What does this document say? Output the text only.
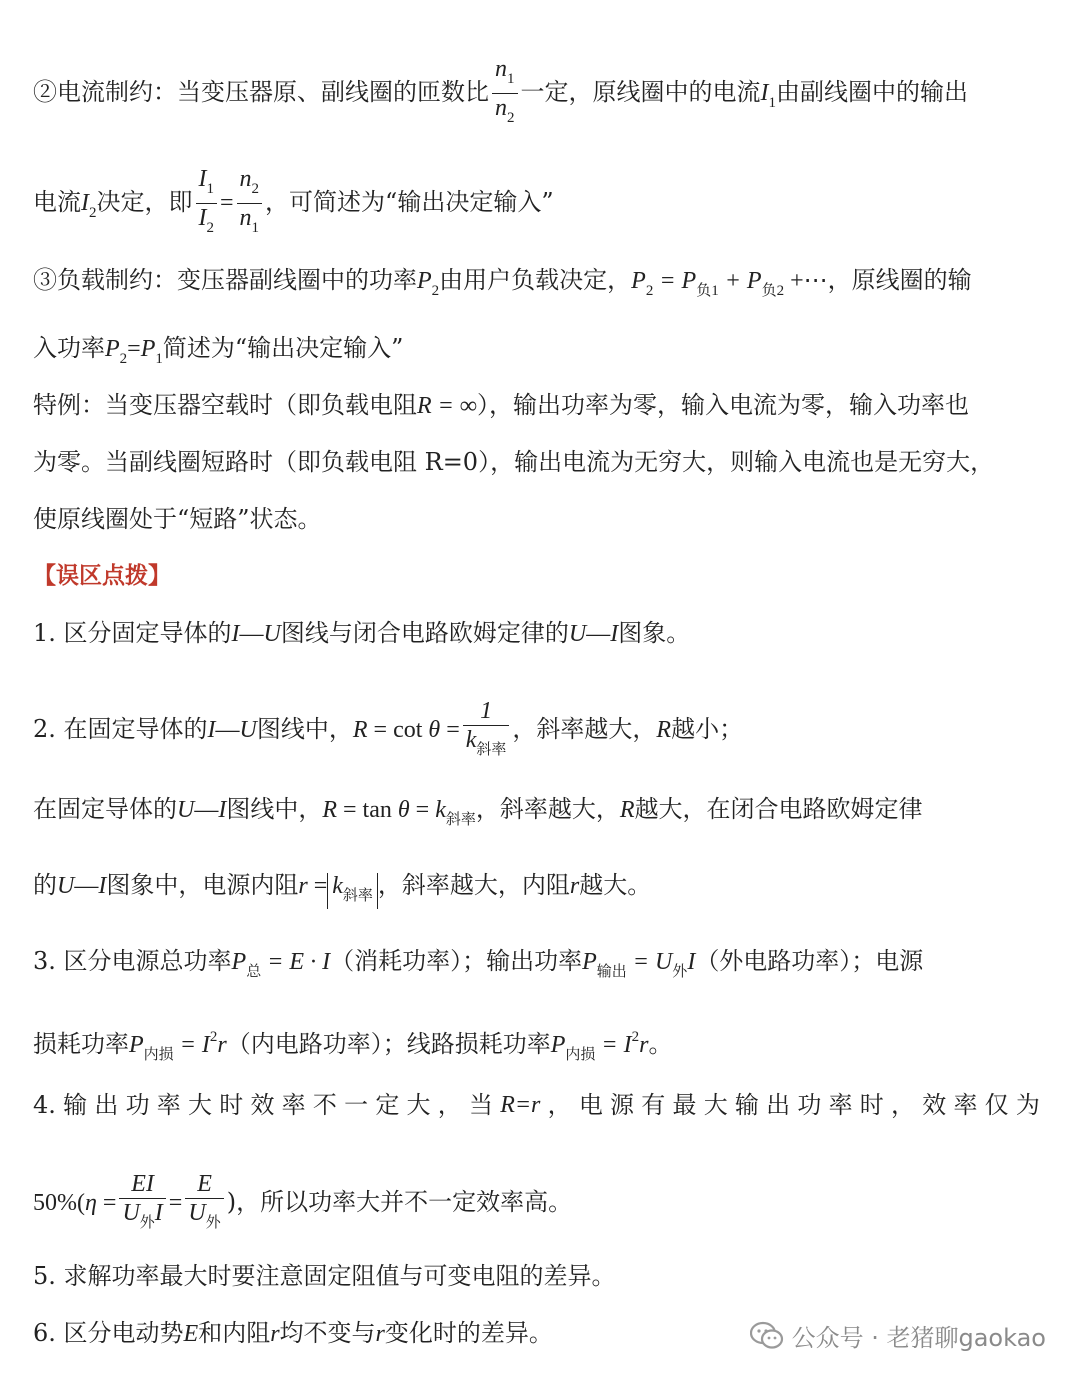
②电流制约：当变压器原、副线圈的匝数比 $\frac{n_1}{n_2}$ 一定，原线圈中的电流$I_1$由副线圈中的输出
电流$I_2$决定，即 $\frac{I_1}{I_2} = \frac{n_2}{n_1}$ ，可简述为“输出决定输入”
③负载制约：变压器副线圈中的功率$P_2$由用户负载决定，$P_2 = P_{负1} + P_{负2}$ +⋯，原线圈的输
入功率$P_2=P_1$简述为“输出决定输入”
特例：当变压器空载时（即负载电阻R = ∞），输出功率为零，输入电流为零，输入功率也
为零。当副线圈短路时（即负载电阻 R=0），输出电流为无穷大，则输入电流也是无穷大，
使原线圈处于“短路”状态。
【误区点拨】
1. 区分固定导体的I—U图线与闭合电路欧姆定律的U—I图象。
2. 在固定导体的I—U图线中，$R = \cot \theta = \frac{1}{k_{斜率}}$ ，斜率越大，R越小；
在固定导体的U—I图线中，$R = \tan \theta = k_{斜率}$，斜率越大，R越大，在闭合电路欧姆定律
的U—I图象中，电源内阻$r = k_{斜率}$ ，斜率越大，内阻r越大。
3. 区分电源总功率$P_总 = E \cdot I$（消耗功率）；输出功率$P_{输出} = U_外I$（外电路功率）；电源
损耗功率$P_{内损} = I^2r$（内电路功率）；线路损耗功率$P_{内损} = I^2r$。
4. 输 出 功 率 大 时 效 率 不 一 定 大 ， 当 R=r ， 电 源 有 最 大 输 出 功 率 时 ， 效 率 仅 为
$50\%(\eta = \frac{EI}{U_外I} = \frac{E}{U_外}$ )，所以功率大并不一定效率高。
5. 求解功率最大时要注意固定阻值与可变电阻的差异。
6. 区分电动势E和内阻r均不变与r变化时的差异。	公众号 · 老猪聊gaokao
